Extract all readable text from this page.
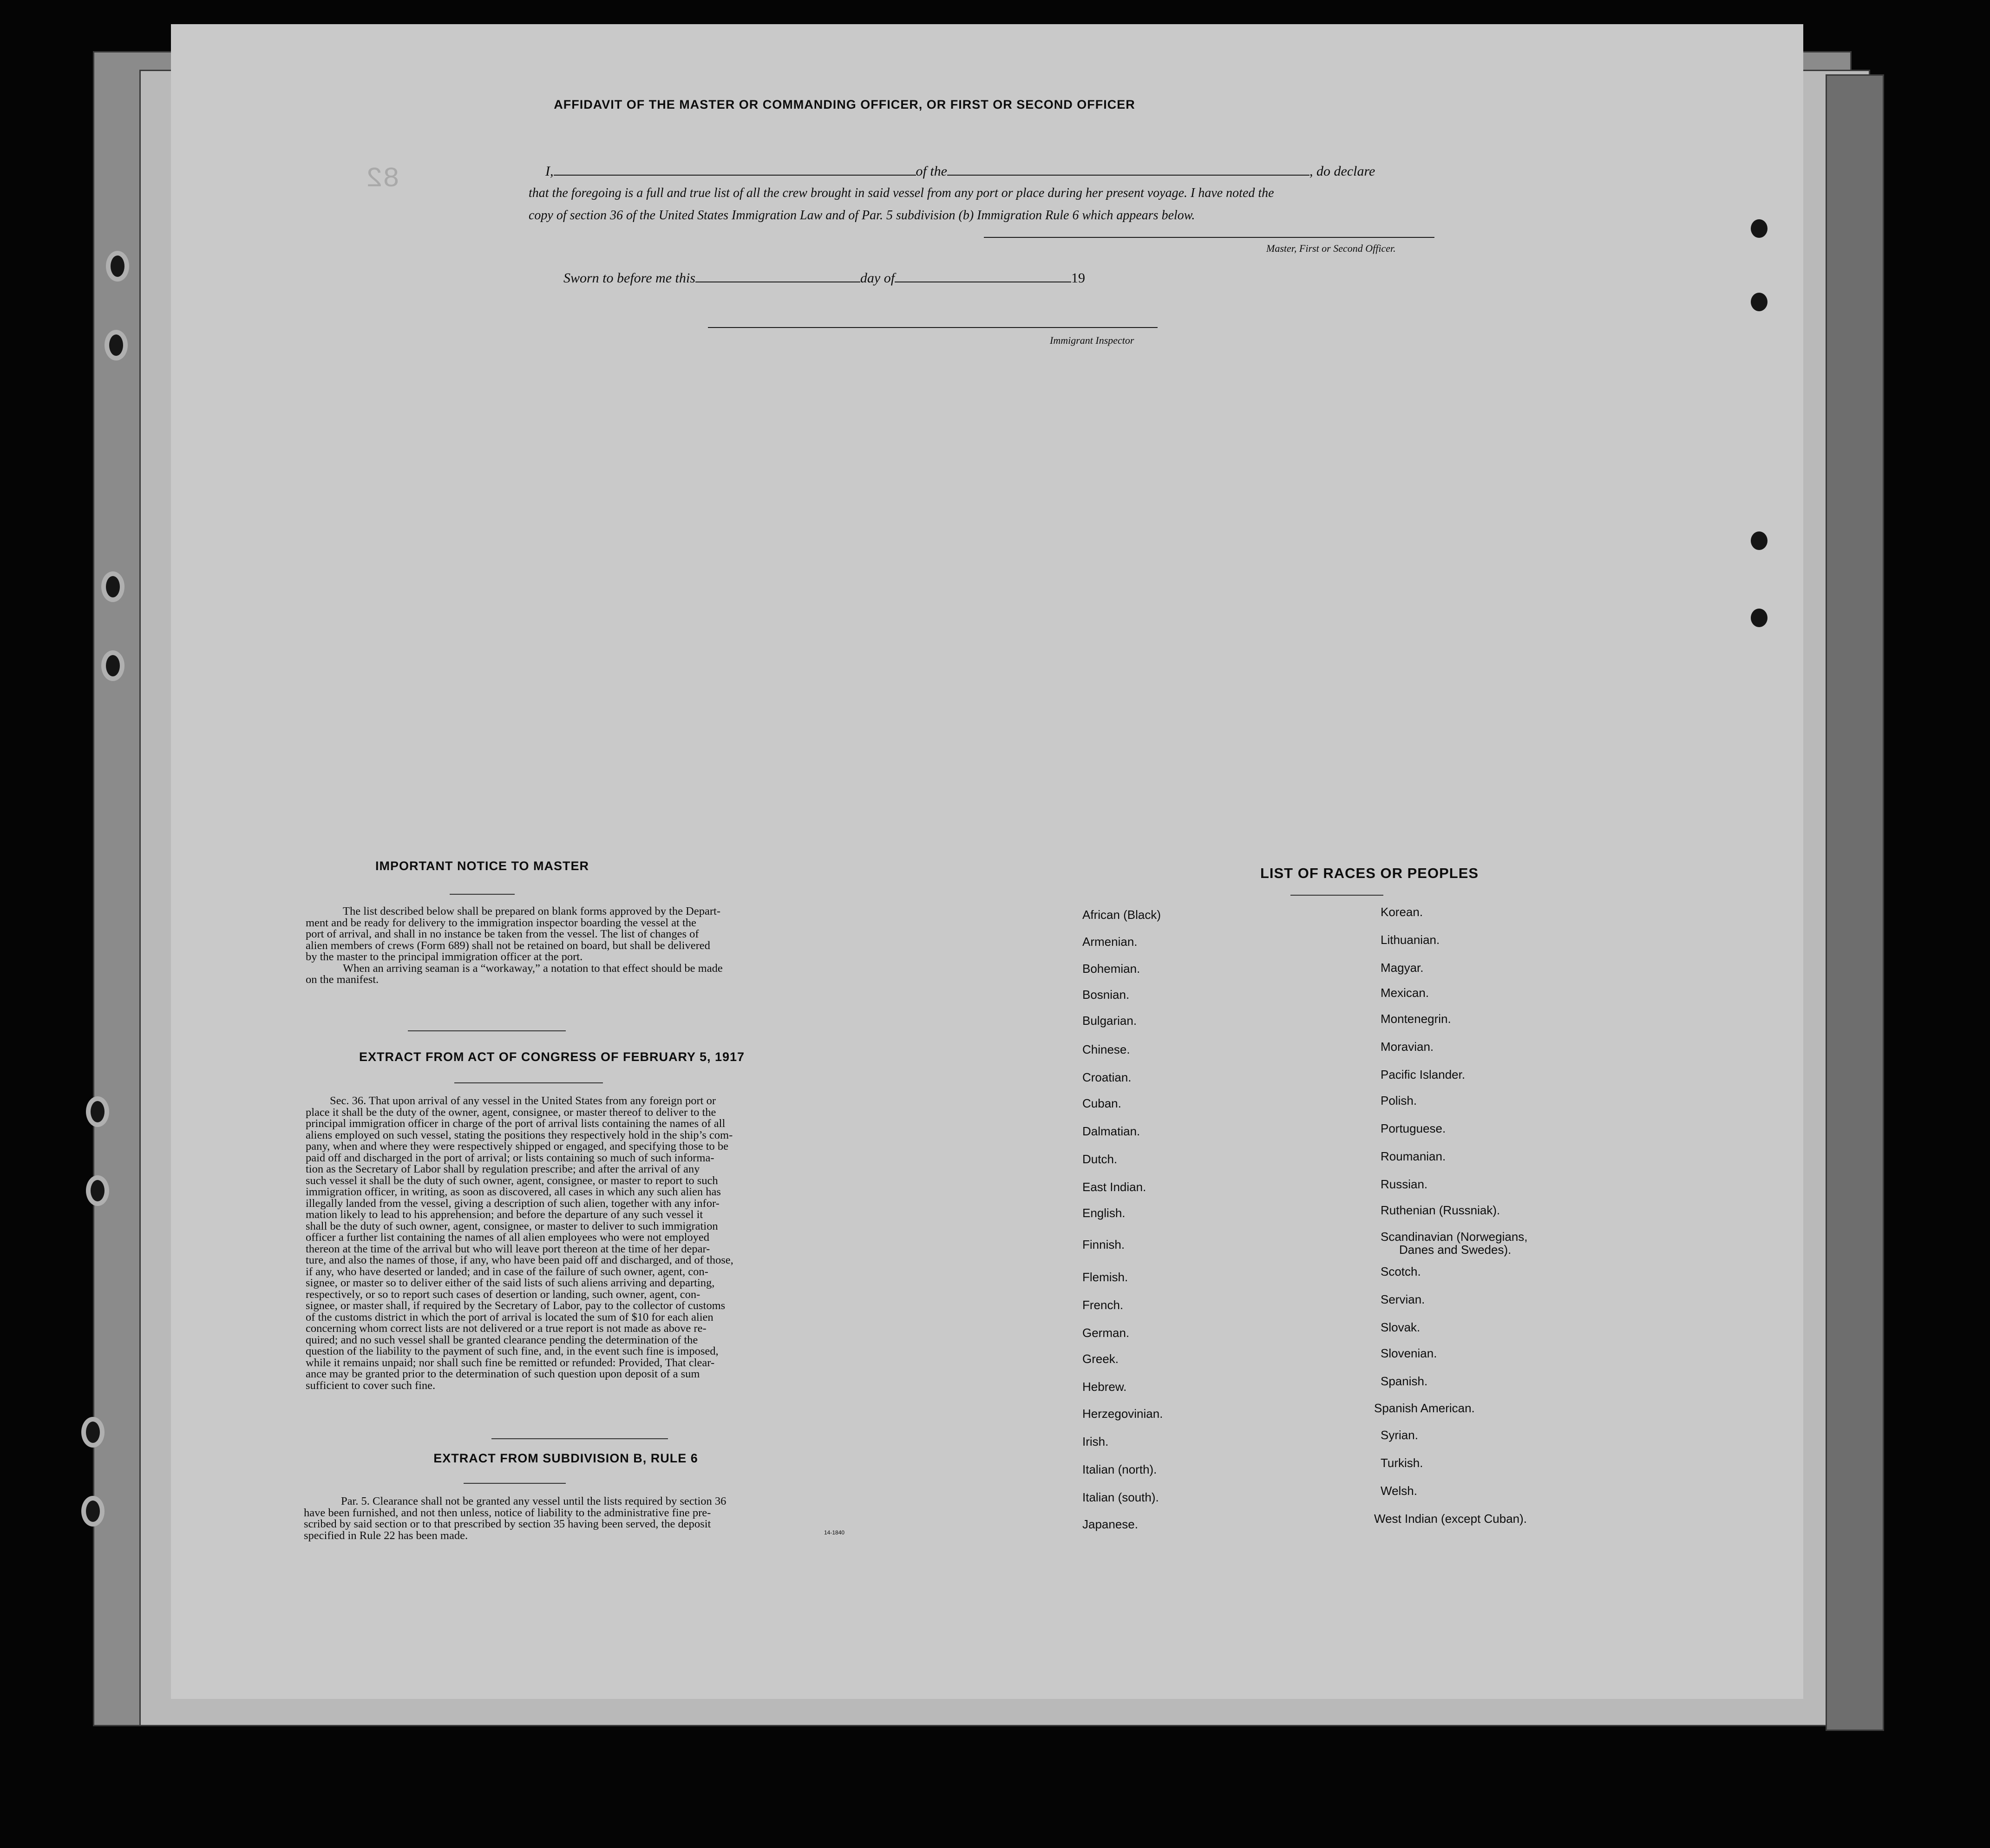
82
AFFIDAVIT OF THE MASTER OR COMMANDING OFFICER, OR FIRST OR SECOND OFFICER
I,	of the	, do declare
that the foregoing is a full and true list of all the crew brought in said vessel from any port or place during her present voyage. I have noted the
copy of section 36 of the United States Immigration Law and of Par. 5 subdivision (b) Immigration Rule 6 which appears below.
Master, First or Second Officer.
Sworn to before me this	day of	19
Immigrant Inspector
IMPORTANT NOTICE TO MASTER
The list described below shall be prepared on blank forms approved by the Depart-
ment and be ready for delivery to the immigration inspector boarding the vessel at the
port of arrival, and shall in no instance be taken from the vessel. The list of changes of
alien members of crews (Form 689) shall not be retained on board, but shall be delivered
by the master to the principal immigration officer at the port.
When an arriving seaman is a “workaway,” a notation to that effect should be made
on the manifest.
EXTRACT FROM ACT OF CONGRESS OF FEBRUARY 5, 1917
Sec. 36. That upon arrival of any vessel in the United States from any foreign port or
place it shall be the duty of the owner, agent, consignee, or master thereof to deliver to the
principal immigration officer in charge of the port of arrival lists containing the names of all
aliens employed on such vessel, stating the positions they respectively hold in the ship’s com-
pany, when and where they were respectively shipped or engaged, and specifying those to be
paid off and discharged in the port of arrival; or lists containing so much of such informa-
tion as the Secretary of Labor shall by regulation prescribe; and after the arrival of any
such vessel it shall be the duty of such owner, agent, consignee, or master to report to such
immigration officer, in writing, as soon as discovered, all cases in which any such alien has
illegally landed from the vessel, giving a description of such alien, together with any infor-
mation likely to lead to his apprehension; and before the departure of any such vessel it
shall be the duty of such owner, agent, consignee, or master to deliver to such immigration
officer a further list containing the names of all alien employees who were not employed
thereon at the time of the arrival but who will leave port thereon at the time of her depar-
ture, and also the names of those, if any, who have been paid off and discharged, and of those,
if any, who have deserted or landed; and in case of the failure of such owner, agent, con-
signee, or master so to deliver either of the said lists of such aliens arriving and departing,
respectively, or so to report such cases of desertion or landing, such owner, agent, con-
signee, or master shall, if required by the Secretary of Labor, pay to the collector of customs
of the customs district in which the port of arrival is located the sum of $10 for each alien
concerning whom correct lists are not delivered or a true report is not made as above re-
quired; and no such vessel shall be granted clearance pending the determination of the
question of the liability to the payment of such fine, and, in the event such fine is imposed,
while it remains unpaid; nor shall such fine be remitted or refunded: Provided, That clear-
ance may be granted prior to the determination of such question upon deposit of a sum
sufficient to cover such fine.
EXTRACT FROM SUBDIVISION B, RULE 6
Par. 5. Clearance shall not be granted any vessel until the lists required by section 36
have been furnished, and not then unless, notice of liability to the administrative fine pre-
scribed by said section or to that prescribed by section 35 having been served, the deposit
specified in Rule 22 has been made.	14-1840
LIST OF RACES OR PEOPLES
African (Black)
Armenian.
Bohemian.
Bosnian.
Bulgarian.
Chinese.
Croatian.
Cuban.
Dalmatian.
Dutch.
East Indian.
English.
Finnish.
Flemish.
French.
German.
Greek.
Hebrew.
Herzegovinian.
Irish.
Italian (north).
Italian (south).
Japanese.
Korean.
Lithuanian.
Magyar.
Mexican.
Montenegrin.
Moravian.
Pacific Islander.
Polish.
Portuguese.
Roumanian.
Russian.
Ruthenian (Russniak).
Scandinavian (Norwegians,
Danes and Swedes).
Scotch.
Servian.
Slovak.
Slovenian.
Spanish.
Spanish American.
Syrian.
Turkish.
Welsh.
West Indian (except Cuban).
